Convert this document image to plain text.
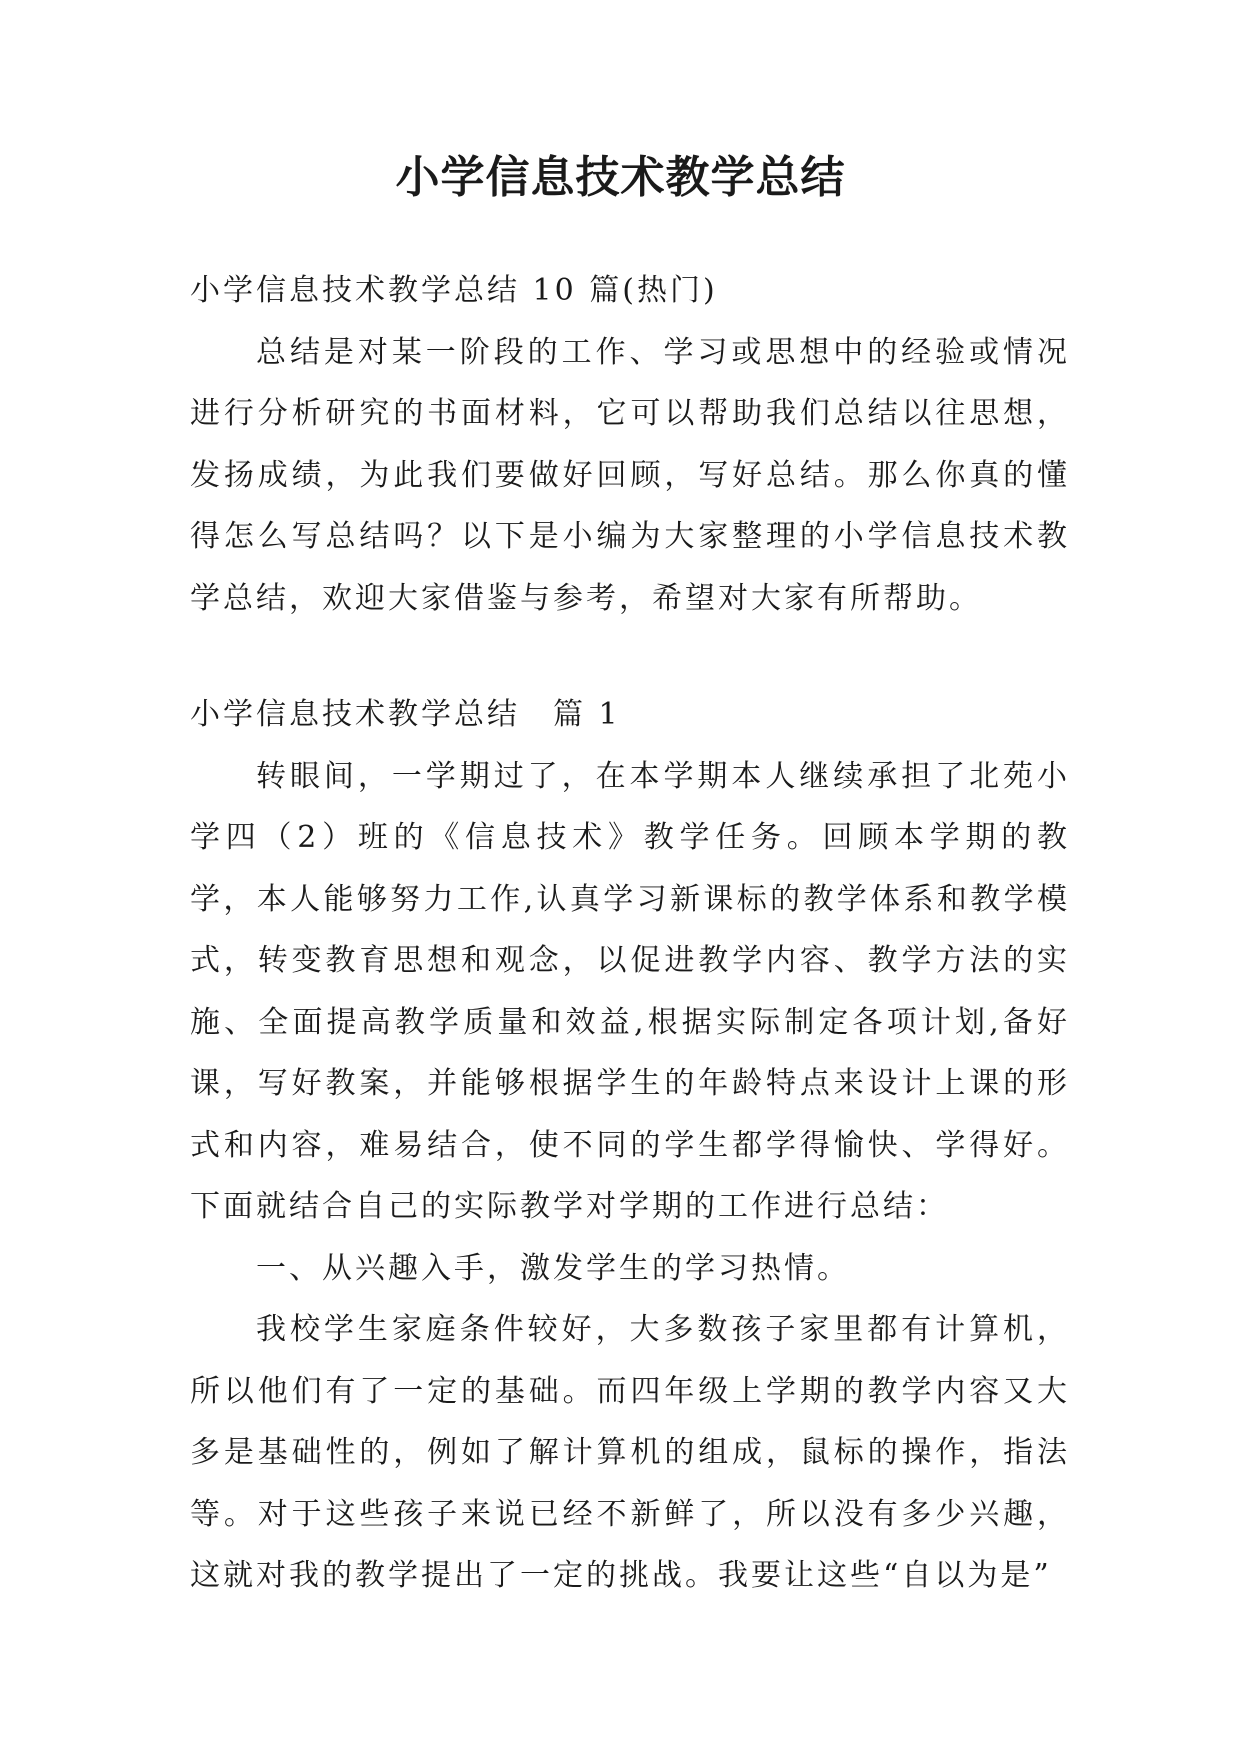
小学信息技术教学总结

小学信息技术教学总结 10 篇(热门)

总结是对某一阶段的工作、学习或思想中的经验或情况进行分析研究的书面材料，它可以帮助我们总结以往思想，发扬成绩，为此我们要做好回顾，写好总结。那么你真的懂得怎么写总结吗？以下是小编为大家整理的小学信息技术教学总结，欢迎大家借鉴与参考，希望对大家有所帮助。

小学信息技术教学总结　篇 1

转眼间，一学期过了，在本学期本人继续承担了北苑小学四（2）班的《信息技术》教学任务。回顾本学期的教学，本人能够努力工作,认真学习新课标的教学体系和教学模式，转变教育思想和观念，以促进教学内容、教学方法的实施、全面提高教学质量和效益,根据实际制定各项计划,备好课，写好教案，并能够根据学生的年龄特点来设计上课的形式和内容，难易结合，使不同的学生都学得愉快、学得好。下面就结合自己的实际教学对学期的工作进行总结：

一、从兴趣入手，激发学生的学习热情。

我校学生家庭条件较好，大多数孩子家里都有计算机，所以他们有了一定的基础。而四年级上学期的教学内容又大多是基础性的，例如了解计算机的组成，鼠标的操作，指法等。对于这些孩子来说已经不新鲜了，所以没有多少兴趣，这就对我的教学提出了一定的挑战。我要让这些“自以为是”
